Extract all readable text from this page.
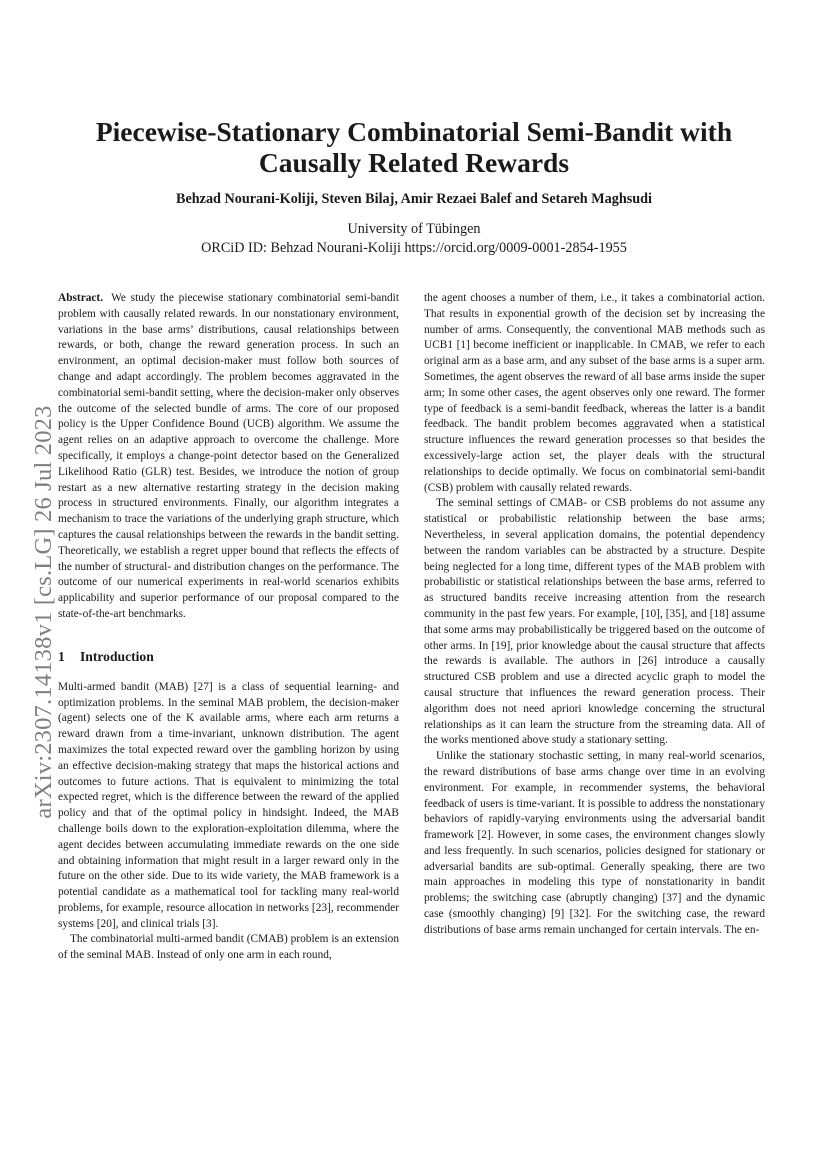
arXiv:2307.14138v1 [cs.LG] 26 Jul 2023
Piecewise-Stationary Combinatorial Semi-Bandit with Causally Related Rewards
Behzad Nourani-Koliji, Steven Bilaj, Amir Rezaei Balef and Setareh Maghsudi
University of Tübingen
ORCiD ID: Behzad Nourani-Koliji https://orcid.org/0009-0001-2854-1955

Abstract. We study the piecewise stationary combinatorial semi-bandit problem with causally related rewards. In our nonstationary environment, variations in the base arms’ distributions, causal relationships between rewards, or both, change the reward generation process. In such an environment, an optimal decision-maker must follow both sources of change and adapt accordingly. The problem becomes aggravated in the combinatorial semi-bandit setting, where the decision-maker only observes the outcome of the selected bundle of arms. The core of our proposed policy is the Upper Confidence Bound (UCB) algorithm. We assume the agent relies on an adaptive approach to overcome the challenge. More specifically, it employs a change-point detector based on the Generalized Likelihood Ratio (GLR) test. Besides, we introduce the notion of group restart as a new alternative restarting strategy in the decision making process in structured environments. Finally, our algorithm integrates a mechanism to trace the variations of the underlying graph structure, which captures the causal relationships between the rewards in the bandit setting. Theoretically, we establish a regret upper bound that reflects the effects of the number of structural- and distribution changes on the performance. The outcome of our numerical experiments in real-world scenarios exhibits applicability and superior performance of our proposal compared to the state-of-the-art benchmarks.

1 Introduction

Multi-armed bandit (MAB) [27] is a class of sequential learning- and optimization problems. In the seminal MAB problem, the decision-maker (agent) selects one of the K available arms, where each arm returns a reward drawn from a time-invariant, unknown distribution. The agent maximizes the total expected reward over the gambling horizon by using an effective decision-making strategy that maps the historical actions and outcomes to future actions. That is equivalent to minimizing the total expected regret, which is the difference between the reward of the applied policy and that of the optimal policy in hindsight. Indeed, the MAB challenge boils down to the exploration-exploitation dilemma, where the agent decides between accumulating immediate rewards on the one side and obtaining information that might result in a larger reward only in the future on the other side. Due to its wide variety, the MAB framework is a potential candidate as a mathematical tool for tackling many real-world problems, for example, resource allocation in networks [23], recommender systems [20], and clinical trials [3].

The combinatorial multi-armed bandit (CMAB) problem is an extension of the seminal MAB. Instead of only one arm in each round,

the agent chooses a number of them, i.e., it takes a combinatorial action. That results in exponential growth of the decision set by increasing the number of arms. Consequently, the conventional MAB methods such as UCB1 [1] become inefficient or inapplicable. In CMAB, we refer to each original arm as a base arm, and any subset of the base arms is a super arm. Sometimes, the agent observes the reward of all base arms inside the super arm; In some other cases, the agent observes only one reward. The former type of feedback is a semi-bandit feedback, whereas the latter is a bandit feedback. The bandit problem becomes aggravated when a statistical structure influences the reward generation processes so that besides the excessively-large action set, the player deals with the structural relationships to decide optimally. We focus on combinatorial semi-bandit (CSB) problem with causally related rewards.

The seminal settings of CMAB- or CSB problems do not assume any statistical or probabilistic relationship between the base arms; Nevertheless, in several application domains, the potential dependency between the random variables can be abstracted by a structure. Despite being neglected for a long time, different types of the MAB problem with probabilistic or statistical relationships between the base arms, referred to as structured bandits receive increasing attention from the research community in the past few years. For example, [10], [35], and [18] assume that some arms may probabilistically be triggered based on the outcome of other arms. In [19], prior knowledge about the causal structure that affects the rewards is available. The authors in [26] introduce a causally structured CSB problem and use a directed acyclic graph to model the causal structure that influences the reward generation process. Their algorithm does not need apriori knowledge concerning the structural relationships as it can learn the structure from the streaming data. All of the works mentioned above study a stationary setting.

Unlike the stationary stochastic setting, in many real-world scenarios, the reward distributions of base arms change over time in an evolving environment. For example, in recommender systems, the behavioral feedback of users is time-variant. It is possible to address the nonstationary behaviors of rapidly-varying environments using the adversarial bandit framework [2]. However, in some cases, the environment changes slowly and less frequently. In such scenarios, policies designed for stationary or adversarial bandits are sub-optimal. Generally speaking, there are two main approaches in modeling this type of nonstationarity in bandit problems; the switching case (abruptly changing) [37] and the dynamic case (smoothly changing) [9] [32]. For the switching case, the reward distributions of base arms remain unchanged for certain intervals. The en-
